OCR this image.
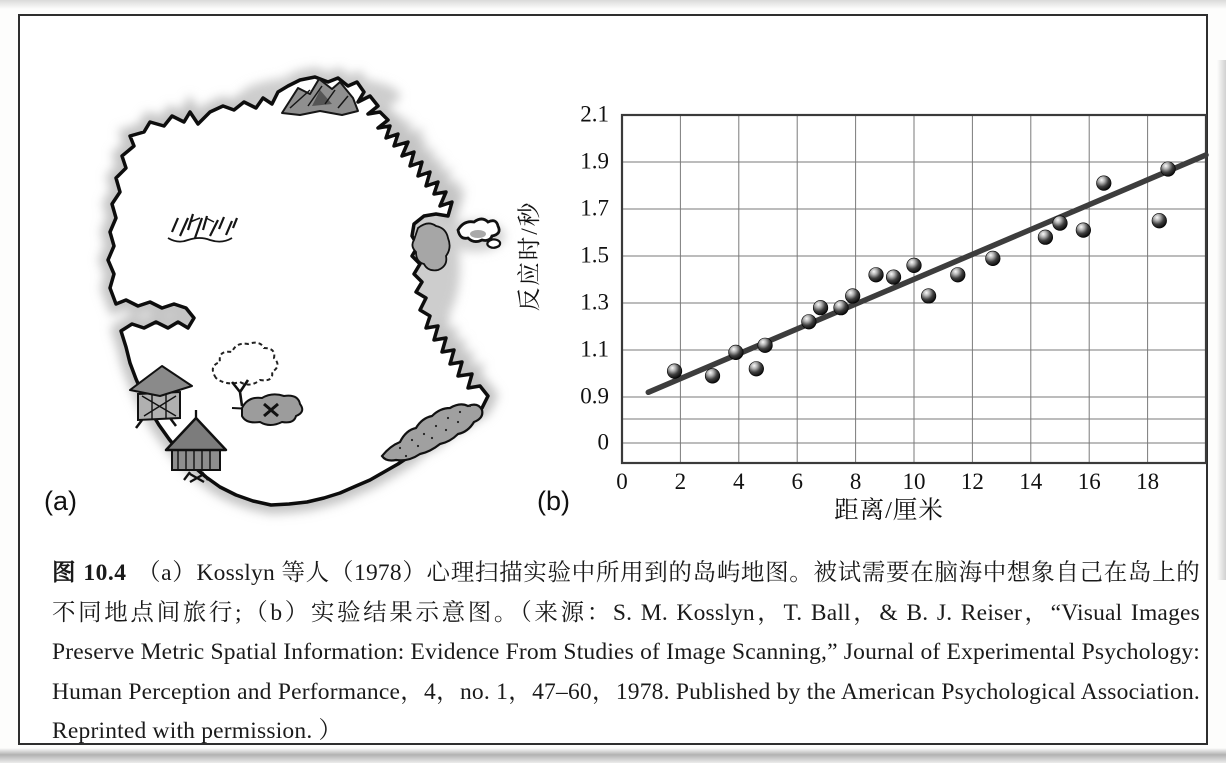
2.1
1.9
1.7
1.5
1.3
1.1
0.9
0
0 2 4 6 8 10 12 14 16 18
反应时/秒
距离/厘米
(a)	(b)
图 10.4 （a）Kosslyn 等人（1978）心理扫描实验中所用到的岛屿地图。被试需要在脑海中想象自己在岛上的不同地点间旅行;（b）实验结果示意图。（来源：S. M. Kosslyn，T. Ball，& B. J. Reiser，“Visual Images Preserve Metric Spatial Information: Evidence From Studies of Image Scanning,” Journal of Experimental Psychology: Human Perception and Performance，4，no. 1，47–60，1978. Published by the American Psychological Association. Reprinted with permission. ）
